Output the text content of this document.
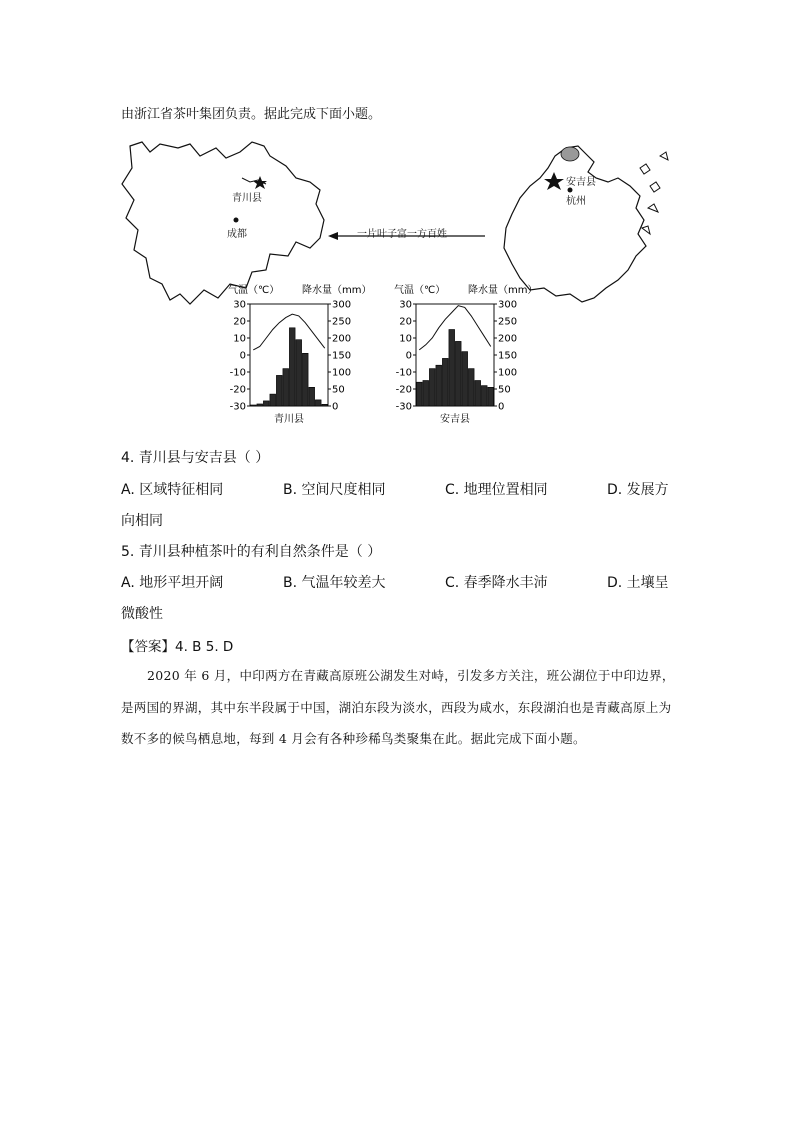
由浙江省茶叶集团负责。据此完成下面小题。
青川县
成都
安吉县
杭州
一片叶子富一方百姓
气温（℃） 降水量（mm）
30
20
10
0
-10
-20
-30
300
250
200
150
100
50
0
青川县
气温（℃） 降水量（mm）
30
20
10
0
-10
-20
-30
300
250
200
150
100
50
0
安吉县
4. 青川县与安吉县（ ）
A. 区域特征相同	B. 空间尺度相同	C. 地理位置相同	D. 发展方
向相同
5. 青川县种植茶叶的有利自然条件是（ ）
A. 地形平坦开阔	B. 气温年较差大	C. 春季降水丰沛	D. 土壤呈
微酸性
【答案】4. B 5. D
2020 年 6 月，中印两方在青藏高原班公湖发生对峙，引发多方关注，班公湖位于中印边界，是两国的界湖，其中东半段属于中国，湖泊东段为淡水，西段为咸水，东段湖泊也是青藏高原上为数不多的候鸟栖息地，每到 4 月会有各种珍稀鸟类聚集在此。据此完成下面小题。
